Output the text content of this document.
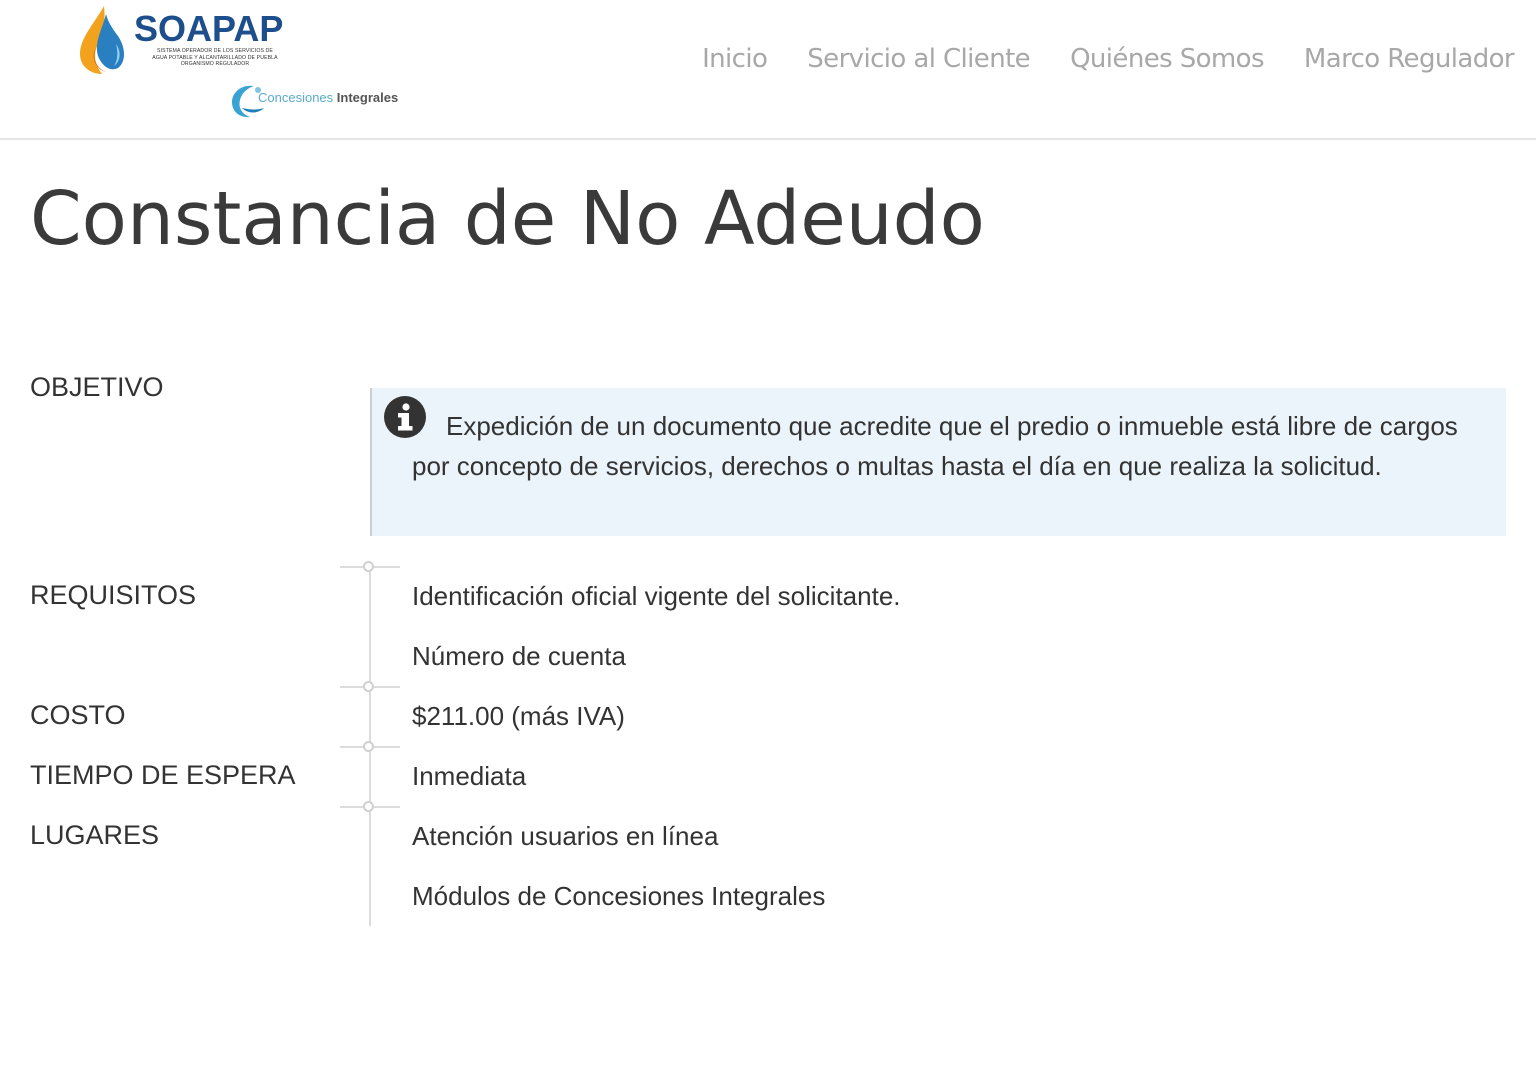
SOAPAP
SISTEMA OPERADOR DE LOS SERVICIOS DE
AGUA POTABLE Y ALCANTARILLADO DE PUEBLA
ORGANISMO REGULADOR
Concesiones Integrales
Inicio Servicio al Cliente Quiénes Somos Marco Regulador
Constancia de No Adeudo
OBJETIVO
Expedición de un documento que acredite que el predio o inmueble está libre de cargos por concepto de servicios, derechos o multas hasta el día en que realiza la solicitud.
REQUISITOS	Identificación oficial vigente del solicitante.
Número de cuenta
COSTO	$211.00 (más IVA)
TIEMPO DE ESPERA	Inmediata
LUGARES	Atención usuarios en línea
Módulos de Concesiones Integrales
